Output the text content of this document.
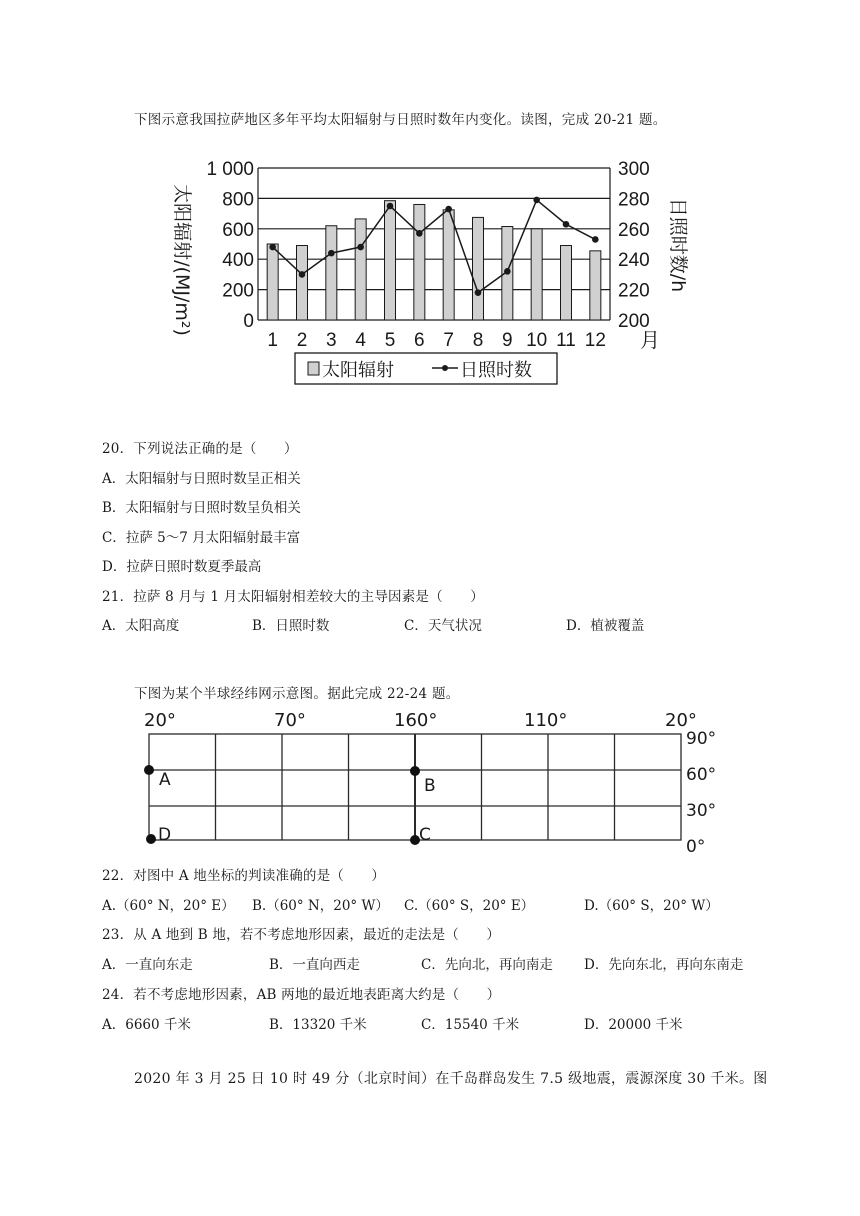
下图示意我国拉萨地区多年平均太阳辐射与日照时数年内变化。读图，完成 20-21 题。
0
200
400
600
800
1 000
200
220
240
260
280
300
1 2 3 4 5 6 7 8 9 10 11 12
太阳辐射/(MJ/m²)	日照时数/h
月
太阳辐射	日照时数
20．下列说法正确的是（　　）
A．太阳辐射与日照时数呈正相关
B．太阳辐射与日照时数呈负相关
C．拉萨 5～7 月太阳辐射最丰富
D．拉萨日照时数夏季最高
21．拉萨 8 月与 1 月太阳辐射相差较大的主导因素是（　　）
A．太阳高度	B．日照时数	C．天气状况	D．植被覆盖
下图为某个半球经纬网示意图。据此完成 22-24 题。
20°	70°	160°	110°	20°
90°
60°
30°
0°
A	B
C
D
22．对图中 A 地坐标的判读准确的是（　　）
A.（60° N，20° E） B.（60° N，20° W） C.（60° S，20° E）	D.（60° S，20° W）
23．从 A 地到 B 地，若不考虑地形因素，最近的走法是（　　）
A．一直向东走	B．一直向西走	C．先向北，再向南走 D．先向东北，再向东南走
24．若不考虑地形因素，AB 两地的最近地表距离大约是（　　）
A．6660 千米	B．13320 千米	C．15540 千米	D．20000 千米
2020 年 3 月 25 日 10 时 49 分（北京时间）在千岛群岛发生 7.5 级地震，震源深度 30 千米。图
